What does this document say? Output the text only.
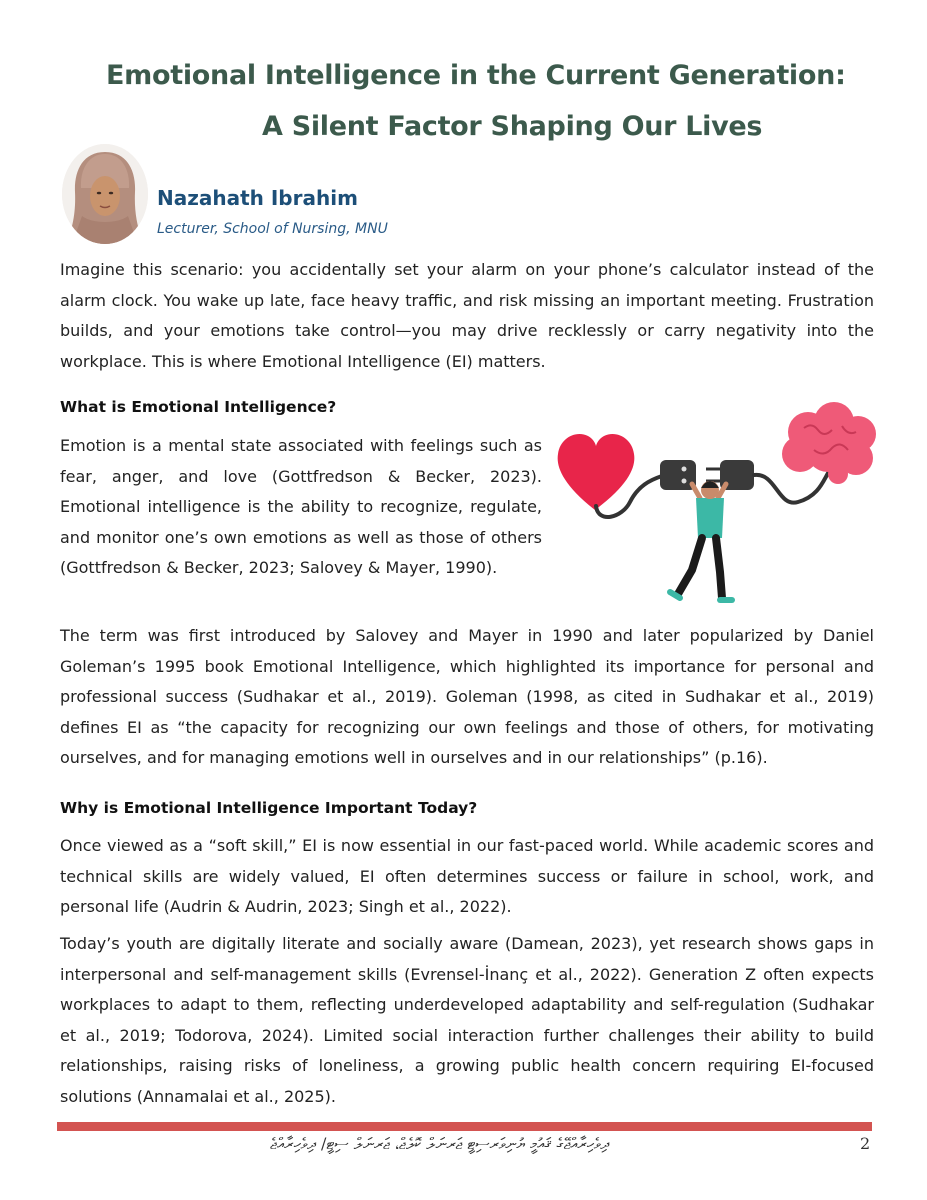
Emotional Intelligence in the Current Generation:
A Silent Factor Shaping Our Lives

Nazahath Ibrahim

Lecturer, School of Nursing, MNU

Imagine this scenario: you accidentally set your alarm on your phone’s calculator instead of the alarm clock. You wake up late, face heavy traffic, and risk missing an important meeting. Frustration builds, and your emotions take control—you may drive recklessly or carry negativity into the workplace. This is where Emotional Intelligence (EI) matters.

What is Emotional Intelligence?

Emotion is a mental state associated with feelings such as fear, anger, and love (Gottfredson & Becker, 2023). Emotional intelligence is the ability to recognize, regulate, and monitor one’s own emotions as well as those of others (Gottfredson & Becker, 2023; Salovey & Mayer, 1990).

The term was first introduced by Salovey and Mayer in 1990 and later popularized by Daniel Goleman’s 1995 book Emotional Intelligence, which highlighted its importance for personal and professional success (Sudhakar et al., 2019). Goleman (1998, as cited in Sudhakar et al., 2019) defines EI as “the capacity for recognizing our own feelings and those of others, for motivating ourselves, and for managing emotions well in ourselves and in our relationships” (p.16).

Why is Emotional Intelligence Important Today?

Once viewed as a “soft skill,” EI is now essential in our fast-paced world. While academic scores and technical skills are widely valued, EI often determines success or failure in school, work, and personal life (Audrin & Audrin, 2023; Singh et al., 2022).

Today’s youth are digitally literate and socially aware (Damean, 2023), yet research shows gaps in interpersonal and self-management skills (Evrensel-İnanç et al., 2022). Generation Z often expects workplaces to adapt to them, reflecting underdeveloped adaptability and self-regulation (Sudhakar et al., 2019; Todorova, 2024). Limited social interaction further challenges their ability to build relationships, raising risks of loneliness, a growing public health concern requiring EI-focused solutions (Annamalai et al., 2025).

ދިވެހިރާއްޖޭގެ ޤައުމީ ޔުނިވަރސިޓީ ޖަރނަލް ކޮލެޖް، ޖަރނަލް ސިޓީ/ ދިވެހިރާއްޖެ	2
